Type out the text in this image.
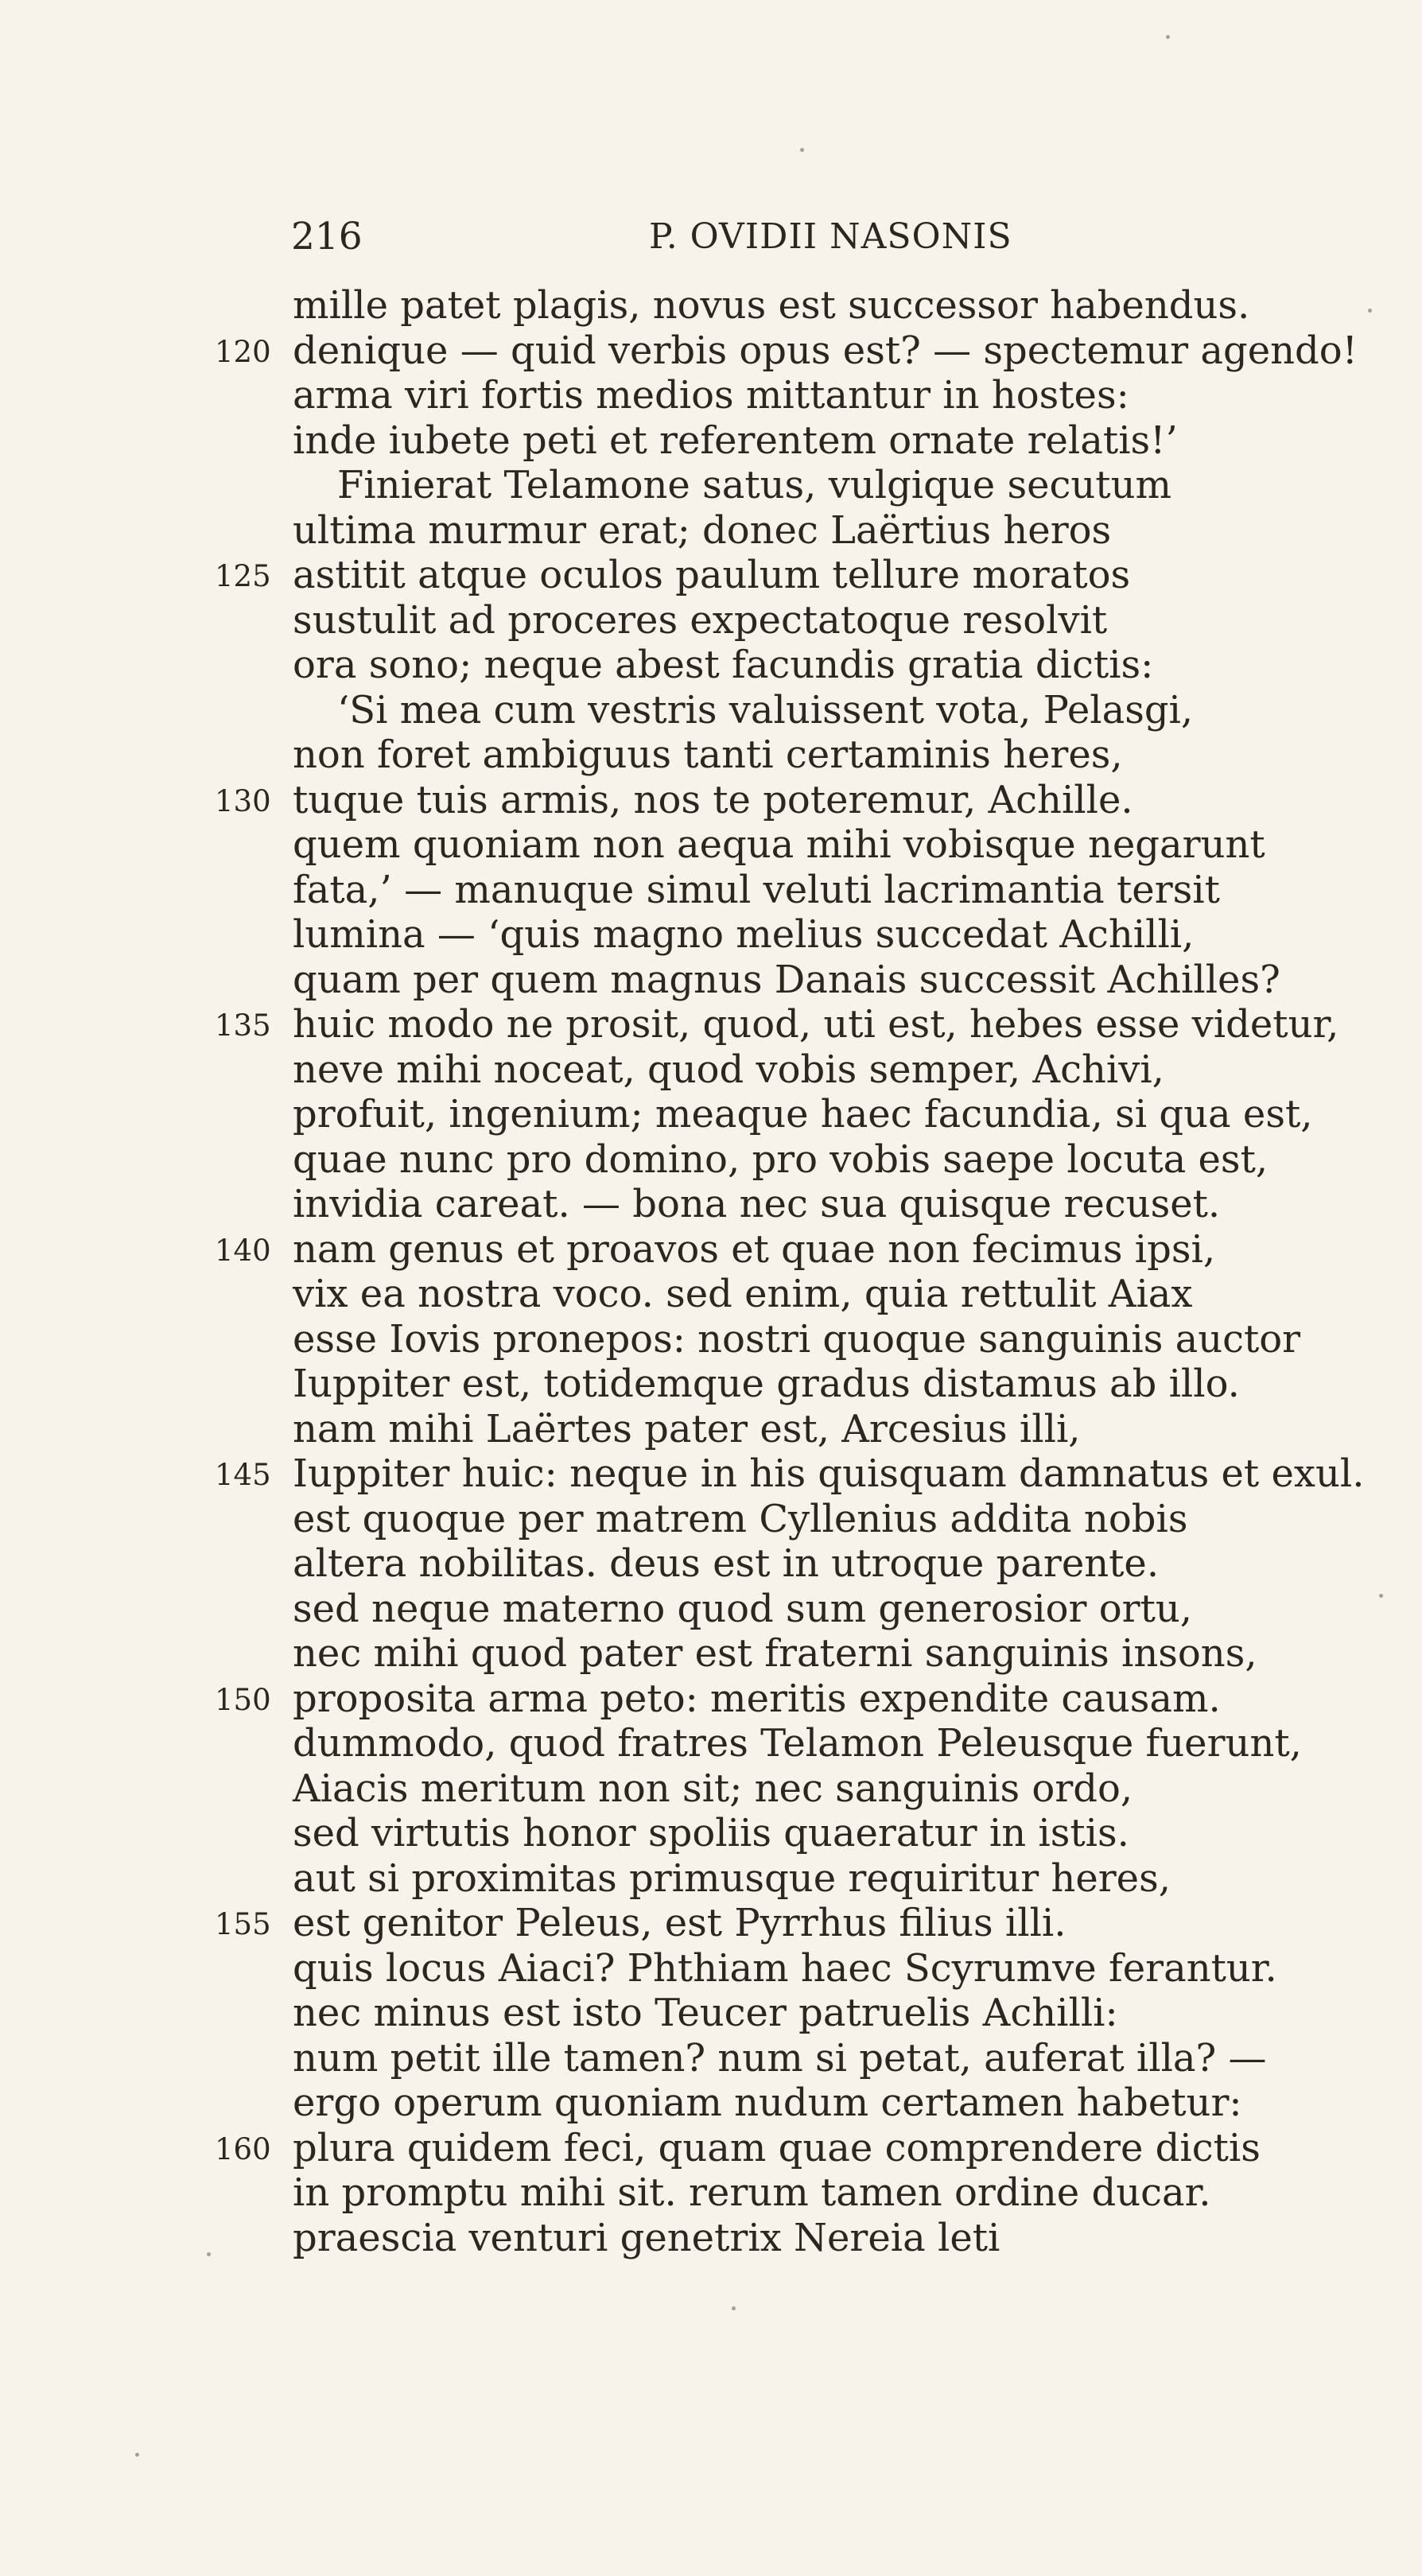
216	P. OVIDII NASONIS
mille patet plagis, novus est successor habendus.
120 denique — quid verbis opus est? — spectemur agendo!
arma viri fortis medios mittantur in hostes:
inde iubete peti et referentem ornate relatis!’
Finierat Telamone satus, vulgique secutum
ultima murmur erat; donec Laërtius heros
125 astitit atque oculos paulum tellure moratos
sustulit ad proceres expectatoque resolvit
ora sono; neque abest facundis gratia dictis:
‘Si mea cum vestris valuissent vota, Pelasgi,
non foret ambiguus tanti certaminis heres,
130 tuque tuis armis, nos te poteremur, Achille.
quem quoniam non aequa mihi vobisque negarunt
fata,’ — manuque simul veluti lacrimantia tersit
lumina — ‘quis magno melius succedat Achilli,
quam per quem magnus Danais successit Achilles?
135 huic modo ne prosit, quod, uti est, hebes esse videtur,
neve mihi noceat, quod vobis semper, Achivi,
profuit, ingenium; meaque haec facundia, si qua est,
quae nunc pro domino, pro vobis saepe locuta est,
invidia careat. — bona nec sua quisque recuset.
140 nam genus et proavos et quae non fecimus ipsi,
vix ea nostra voco. sed enim, quia rettulit Aiax
esse Iovis pronepos: nostri quoque sanguinis auctor
Iuppiter est, totidemque gradus distamus ab illo.
nam mihi Laërtes pater est, Arcesius illi,
145 Iuppiter huic: neque in his quisquam damnatus et exul.
est quoque per matrem Cyllenius addita nobis
altera nobilitas. deus est in utroque parente.
sed neque materno quod sum generosior ortu,
nec mihi quod pater est fraterni sanguinis insons,
150 proposita arma peto: meritis expendite causam.
dummodo, quod fratres Telamon Peleusque fuerunt,
Aiacis meritum non sit; nec sanguinis ordo,
sed virtutis honor spoliis quaeratur in istis.
aut si proximitas primusque requiritur heres,
155 est genitor Peleus, est Pyrrhus filius illi.
quis locus Aiaci? Phthiam haec Scyrumve ferantur.
nec minus est isto Teucer patruelis Achilli:
num petit ille tamen? num si petat, auferat illa? —
ergo operum quoniam nudum certamen habetur:
160 plura quidem feci, quam quae comprendere dictis
in promptu mihi sit. rerum tamen ordine ducar.
praescia venturi genetrix Nereia leti
